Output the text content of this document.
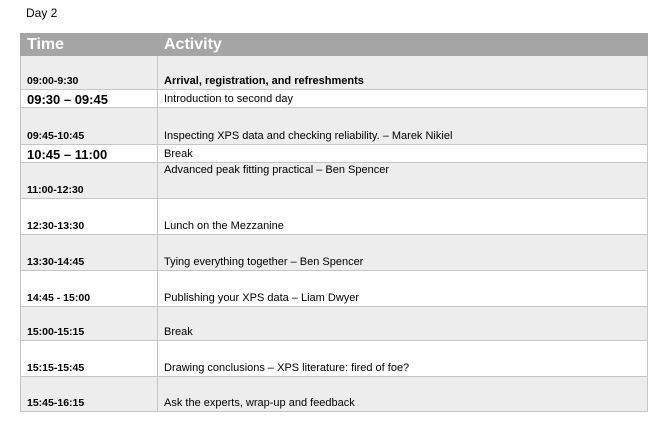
Day 2
Time	Activity
09:00-9:30	Arrival, registration, and refreshments
09:30 – 09:45	Introduction to second day
09:45-10:45	Inspecting XPS data and checking reliability. – Marek Nikiel
10:45 – 11:00	Break
11:00-12:30	Advanced peak fitting practical – Ben Spencer
12:30-13:30	Lunch on the Mezzanine
13:30-14:45	Tying everything together – Ben Spencer
14:45 - 15:00	Publishing your XPS data – Liam Dwyer
15:00-15:15	Break
15:15-15:45	Drawing conclusions – XPS literature: fired of foe?
15:45-16:15	Ask the experts, wrap-up and feedback
